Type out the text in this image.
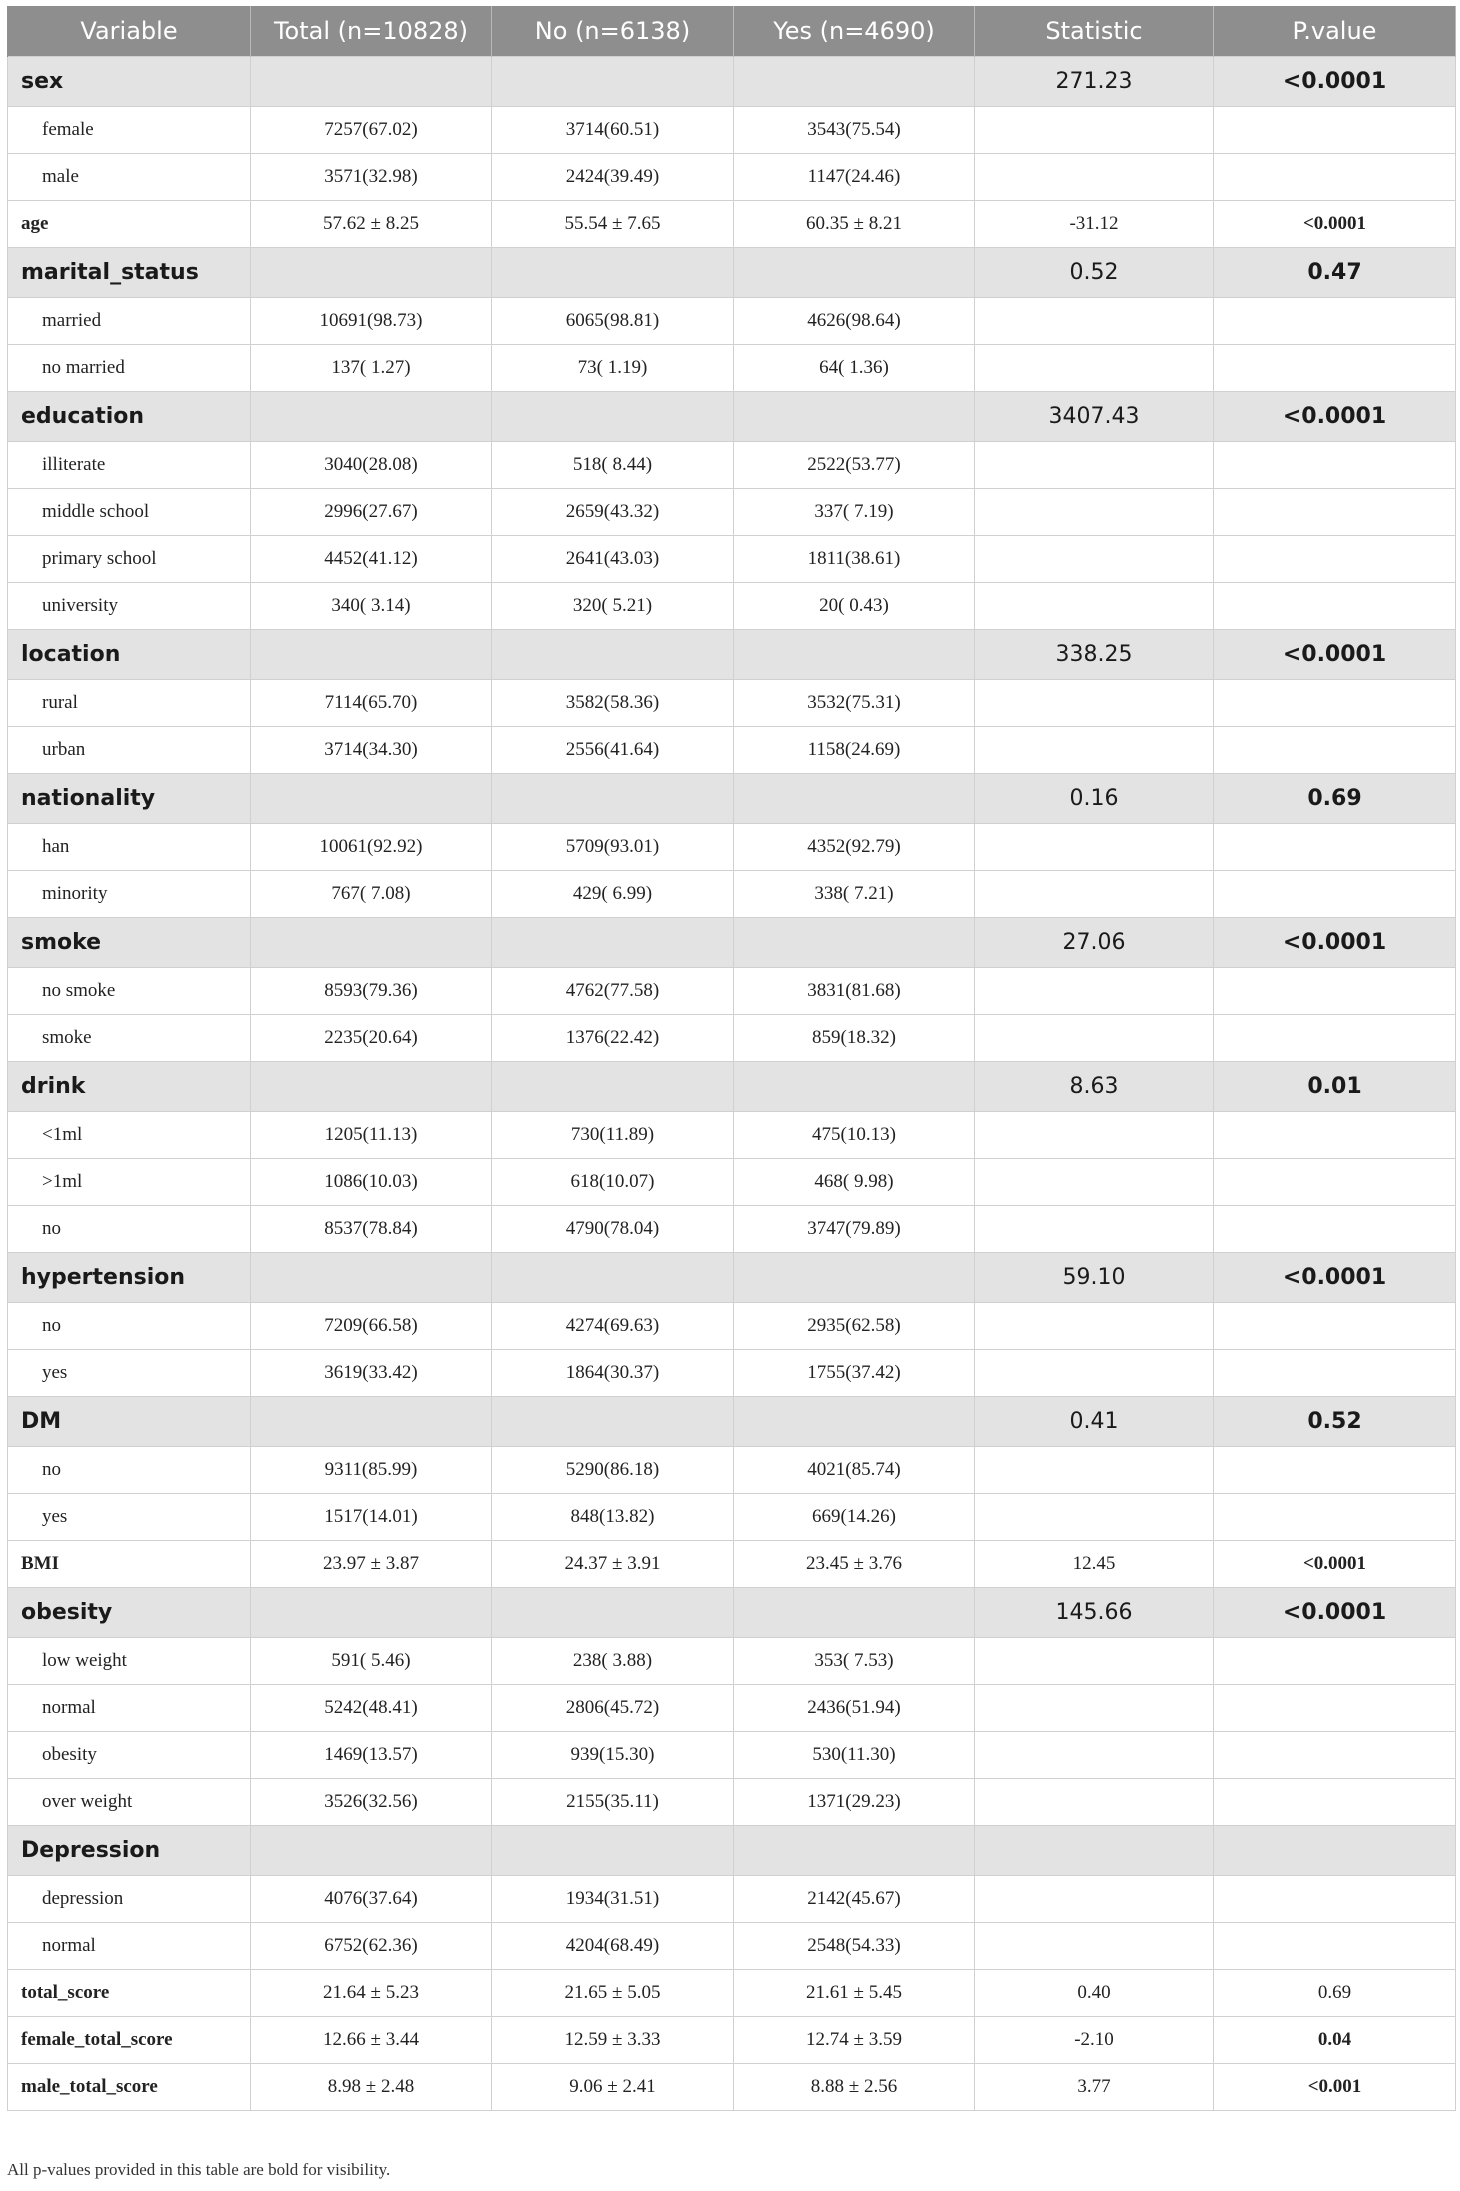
Variable	Total (n=10828)	No (n=6138)	Yes (n=4690)	Statistic	P.value
sex				271.23	<0.0001
female	7257(67.02)	3714(60.51)	3543(75.54)		
male	3571(32.98)	2424(39.49)	1147(24.46)		
age	57.62 ± 8.25	55.54 ± 7.65	60.35 ± 8.21	-31.12	<0.0001
marital_status				0.52	0.47
married	10691(98.73)	6065(98.81)	4626(98.64)		
no married	137( 1.27)	73( 1.19)	64( 1.36)		
education				3407.43	<0.0001
illiterate	3040(28.08)	518( 8.44)	2522(53.77)		
middle school	2996(27.67)	2659(43.32)	337( 7.19)		
primary school	4452(41.12)	2641(43.03)	1811(38.61)		
university	340( 3.14)	320( 5.21)	20( 0.43)		
location				338.25	<0.0001
rural	7114(65.70)	3582(58.36)	3532(75.31)		
urban	3714(34.30)	2556(41.64)	1158(24.69)		
nationality				0.16	0.69
han	10061(92.92)	5709(93.01)	4352(92.79)		
minority	767( 7.08)	429( 6.99)	338( 7.21)		
smoke				27.06	<0.0001
no smoke	8593(79.36)	4762(77.58)	3831(81.68)		
smoke	2235(20.64)	1376(22.42)	859(18.32)		
drink				8.63	0.01
<1ml	1205(11.13)	730(11.89)	475(10.13)		
>1ml	1086(10.03)	618(10.07)	468( 9.98)		
no	8537(78.84)	4790(78.04)	3747(79.89)		
hypertension				59.10	<0.0001
no	7209(66.58)	4274(69.63)	2935(62.58)		
yes	3619(33.42)	1864(30.37)	1755(37.42)		
DM				0.41	0.52
no	9311(85.99)	5290(86.18)	4021(85.74)		
yes	1517(14.01)	848(13.82)	669(14.26)		
BMI	23.97 ± 3.87	24.37 ± 3.91	23.45 ± 3.76	12.45	<0.0001
obesity				145.66	<0.0001
low weight	591( 5.46)	238( 3.88)	353( 7.53)		
normal	5242(48.41)	2806(45.72)	2436(51.94)		
obesity	1469(13.57)	939(15.30)	530(11.30)		
over weight	3526(32.56)	2155(35.11)	1371(29.23)		
Depression					
depression	4076(37.64)	1934(31.51)	2142(45.67)		
normal	6752(62.36)	4204(68.49)	2548(54.33)		
total_score	21.64 ± 5.23	21.65 ± 5.05	21.61 ± 5.45	0.40	0.69
female_total_score	12.66 ± 3.44	12.59 ± 3.33	12.74 ± 3.59	-2.10	0.04
male_total_score	8.98 ± 2.48	9.06 ± 2.41	8.88 ± 2.56	3.77	<0.001
All p-values provided in this table are bold for visibility.
